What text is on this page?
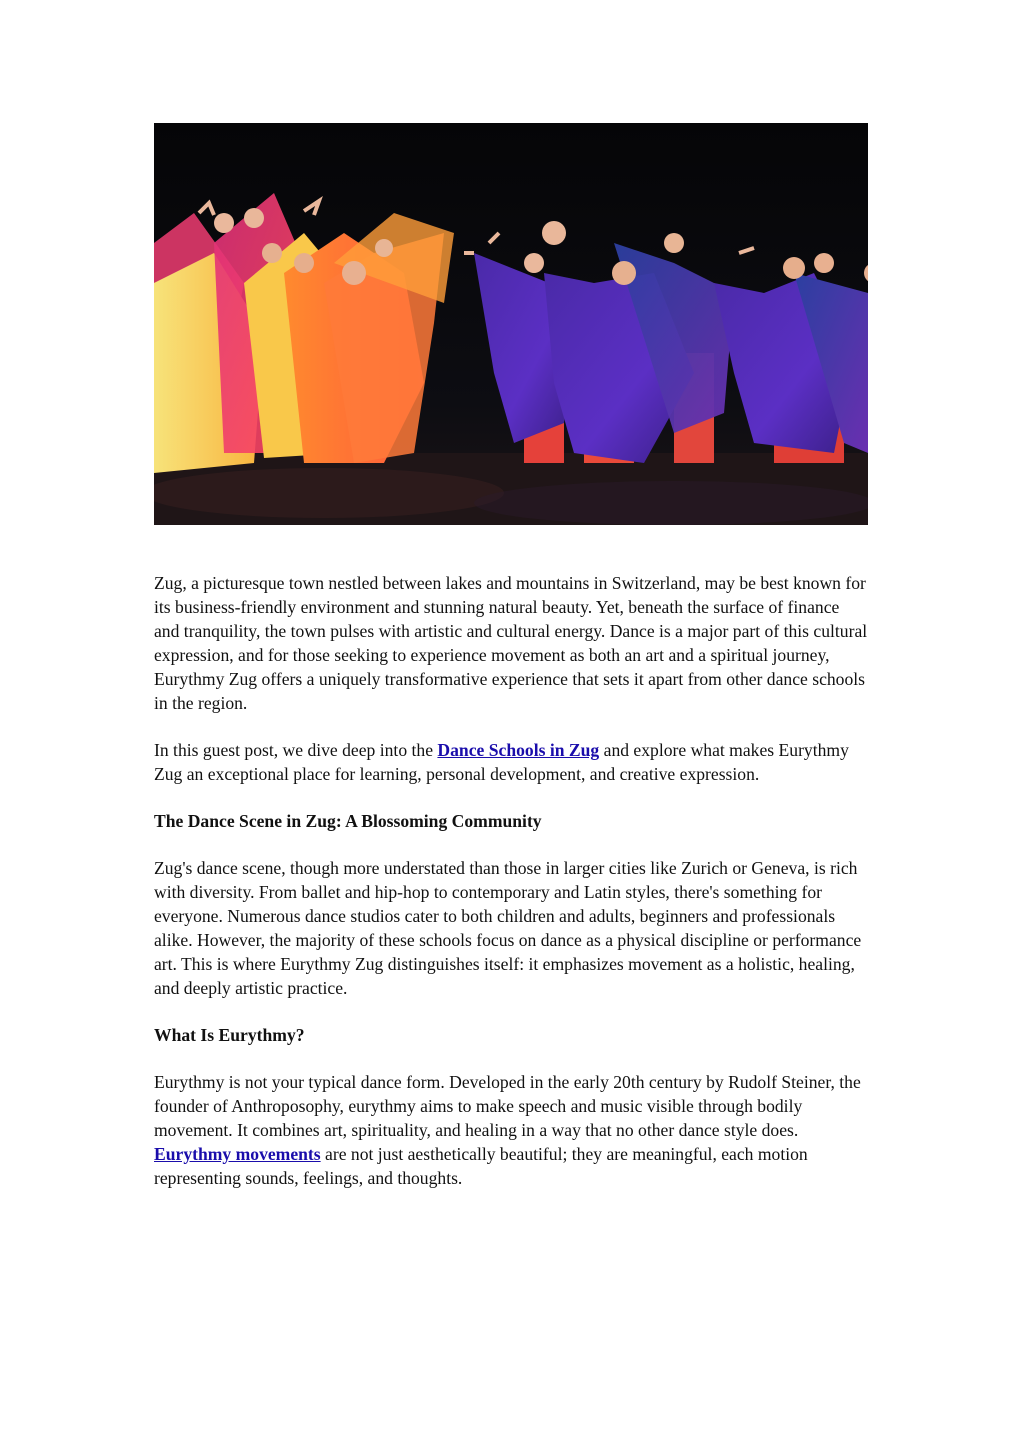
Zug, a picturesque town nestled between lakes and mountains in Switzerland, may be best known for its business-friendly environment and stunning natural beauty. Yet, beneath the surface of finance and tranquility, the town pulses with artistic and cultural energy. Dance is a major part of this cultural expression, and for those seeking to experience movement as both an art and a spiritual journey, Eurythmy Zug offers a uniquely transformative experience that sets it apart from other dance schools in the region.

In this guest post, we dive deep into the Dance Schools in Zug and explore what makes Eurythmy Zug an exceptional place for learning, personal development, and creative expression.

The Dance Scene in Zug: A Blossoming Community

Zug's dance scene, though more understated than those in larger cities like Zurich or Geneva, is rich with diversity. From ballet and hip-hop to contemporary and Latin styles, there's something for everyone. Numerous dance studios cater to both children and adults, beginners and professionals alike. However, the majority of these schools focus on dance as a physical discipline or performance art. This is where Eurythmy Zug distinguishes itself: it emphasizes movement as a holistic, healing, and deeply artistic practice.

What Is Eurythmy?

Eurythmy is not your typical dance form. Developed in the early 20th century by Rudolf Steiner, the founder of Anthroposophy, eurythmy aims to make speech and music visible through bodily movement. It combines art, spirituality, and healing in a way that no other dance style does. Eurythmy movements are not just aesthetically beautiful; they are meaningful, each motion representing sounds, feelings, and thoughts.
